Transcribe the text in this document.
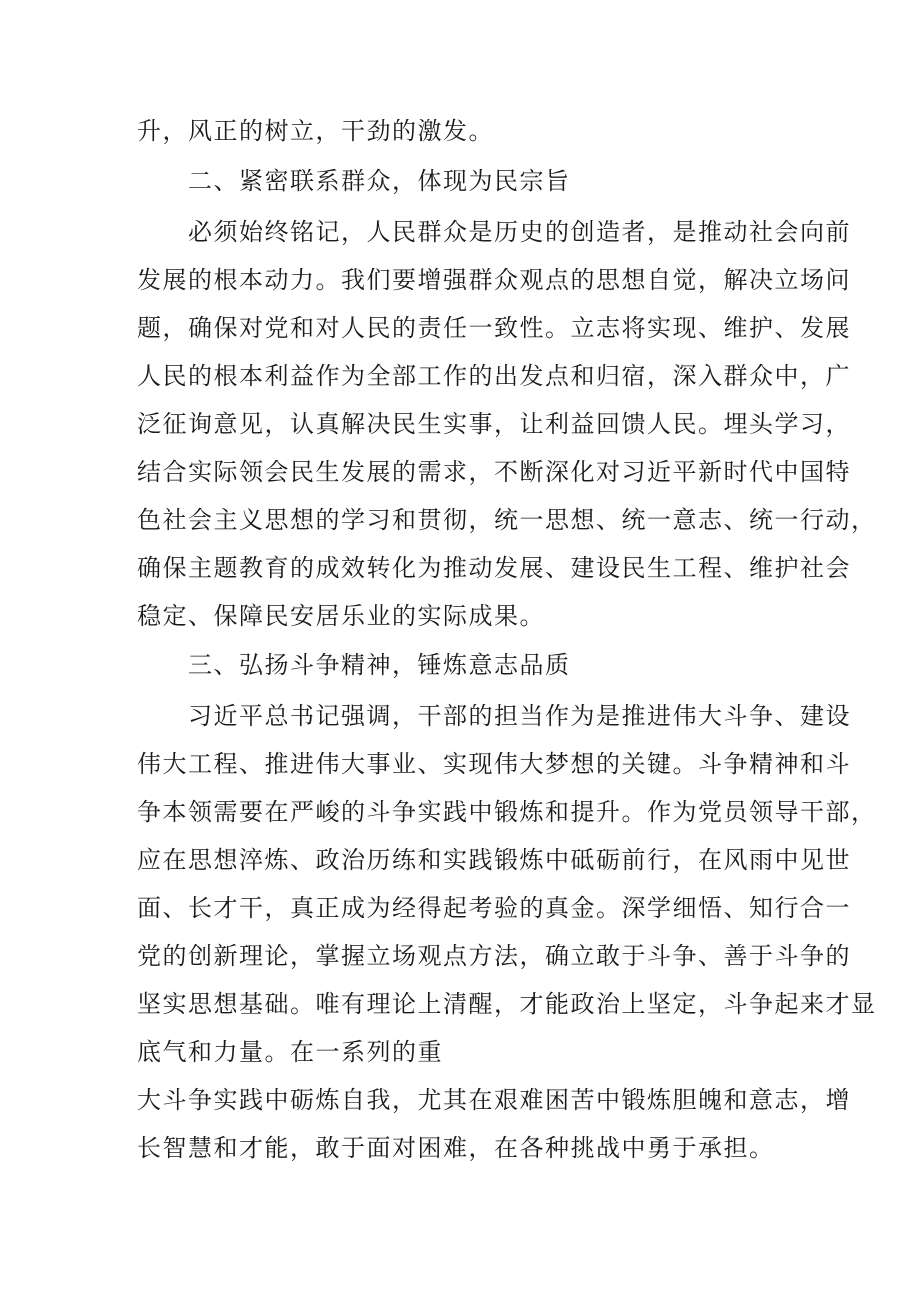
升，风正的树立，干劲的激发。
二、紧密联系群众，体现为民宗旨
必须始终铭记，人民群众是历史的创造者，是推动社会向前
发展的根本动力。我们要增强群众观点的思想自觉，解决立场问
题，确保对党和对人民的责任一致性。立志将实现、维护、发展
人民的根本利益作为全部工作的出发点和归宿，深入群众中，广
泛征询意见，认真解决民生实事，让利益回馈人民。埋头学习，
结合实际领会民生发展的需求，不断深化对习近平新时代中国特
色社会主义思想的学习和贯彻，统一思想、统一意志、统一行动，
确保主题教育的成效转化为推动发展、建设民生工程、维护社会
稳定、保障民安居乐业的实际成果。
三、弘扬斗争精神，锤炼意志品质
习近平总书记强调，干部的担当作为是推进伟大斗争、建设
伟大工程、推进伟大事业、实现伟大梦想的关键。斗争精神和斗
争本领需要在严峻的斗争实践中锻炼和提升。作为党员领导干部，
应在思想淬炼、政治历练和实践锻炼中砥砺前行，在风雨中见世
面、长才干，真正成为经得起考验的真金。深学细悟、知行合一
党的创新理论，掌握立场观点方法，确立敢于斗争、善于斗争的
坚实思想基础。唯有理论上清醒，才能政治上坚定，斗争起来才显
底气和力量。在一系列的重
大斗争实践中砺炼自我，尤其在艰难困苦中锻炼胆魄和意志，增
长智慧和才能，敢于面对困难，在各种挑战中勇于承担。
